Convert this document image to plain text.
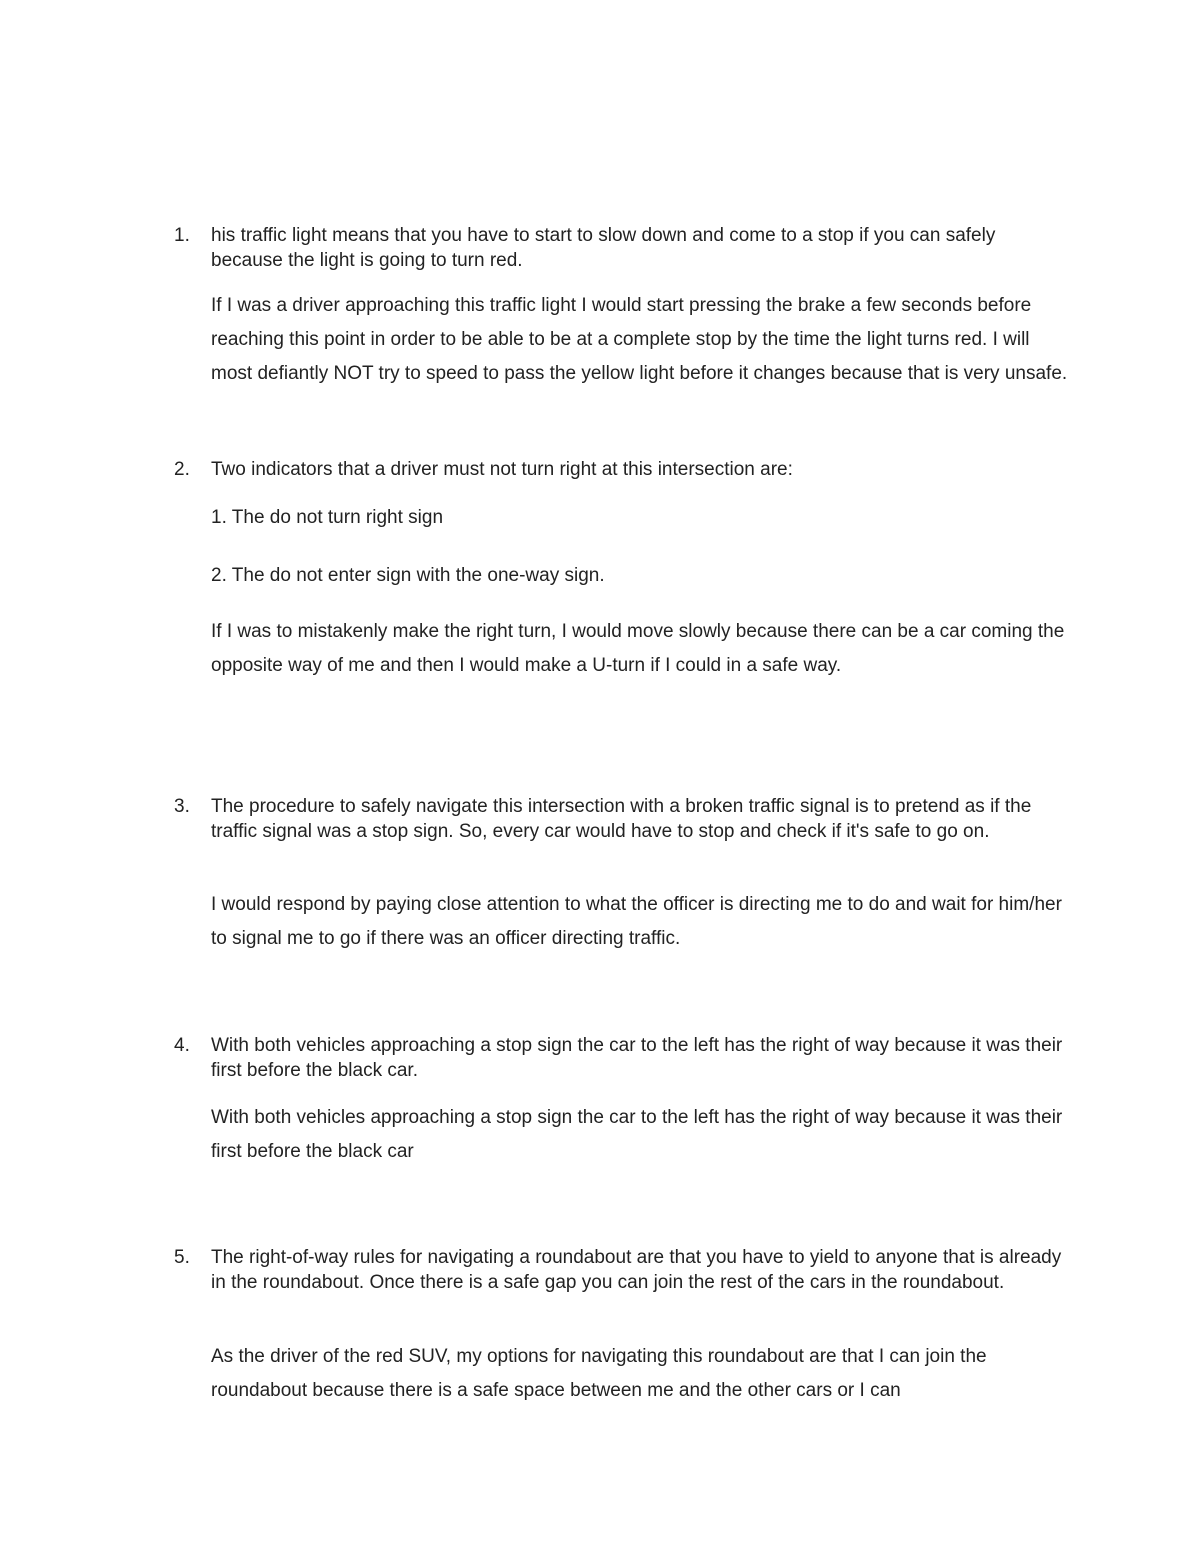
1. his traffic light means that you have to start to slow down and come to a stop if you can safely because the light is going to turn red.

If I was a driver approaching this traffic light I would start pressing the brake a few seconds before reaching this point in order to be able to be at a complete stop by the time the light turns red. I will most defiantly NOT try to speed to pass the yellow light before it changes because that is very unsafe.

2. Two indicators that a driver must not turn right at this intersection are:

1. The do not turn right sign

2. The do not enter sign with the one-way sign.

If I was to mistakenly make the right turn, I would move slowly because there can be a car coming the opposite way of me and then I would make a U-turn if I could in a safe way.

3. The procedure to safely navigate this intersection with a broken traffic signal is to pretend as if the traffic signal was a stop sign. So, every car would have to stop and check if it's safe to go on.

I would respond by paying close attention to what the officer is directing me to do and wait for him/her to signal me to go if there was an officer directing traffic.

4. With both vehicles approaching a stop sign the car to the left has the right of way because it was their first before the black car.

With both vehicles approaching a stop sign the car to the left has the right of way because it was their first before the black car

5. The right-of-way rules for navigating a roundabout are that you have to yield to anyone that is already in the roundabout. Once there is a safe gap you can join the rest of the cars in the roundabout.

As the driver of the red SUV, my options for navigating this roundabout are that I can join the roundabout because there is a safe space between me and the other cars or I can
